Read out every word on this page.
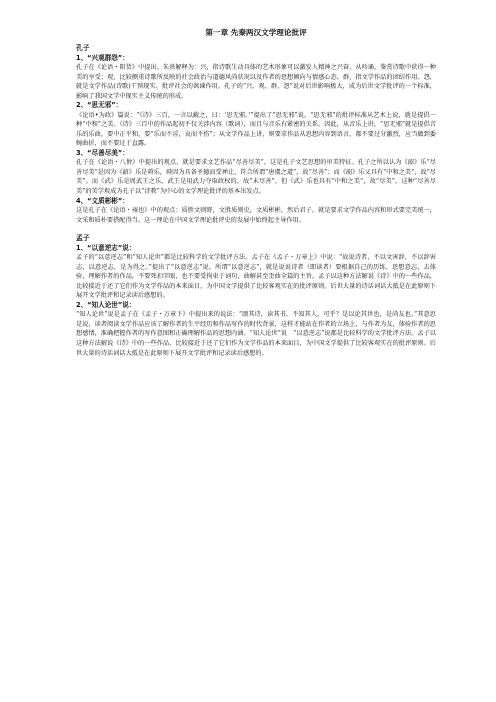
第一章 先秦两汉文学理论批评
孔子
1、“兴观群怨”：

孔子在《论语・阳货》中提出。朱熹解释为：兴，指诗歌生动具体的艺术形象可以激发人精神之兴奋，从吟诵、鉴赏诗歌中获得一种美的享受；观，比较侧重诗歌所反映的社会政治与道德风尚状况以及作者的思想倾向与情感心态。群，指文学作品的团结作用。怨，就是文学作品(诗歌)干预现实、批评社会的讽谏作用。孔子的“兴、观、群、怨”说对后世影响极大，成为后世文学批评的一个标准，影响了我国文学中现实主义传统的形成。

2、“思无邪”：

《论语•为政》篇说：“《诗》三百，一言以蔽之，曰：‘思无邪。’”提出了“思无邪”说。“思无邪”的批评标准从艺术上说，就是提倡一种“中和”之美。《诗》三百中的作品起初不仅关涉内容（歌词），而且与音乐有紧密的关系。因此，从音乐上讲，“思无邪”就是提倡音乐的乐曲，要中正平和，要“乐而不淫，哀而不伤”；从文学作品上讲，则要求作品从思想内容到语言，都不要过分激烈，应当做到委婉曲折，而不要过于直露。

3、“尽善尽美”：

孔子在《论语・八佾》中提出的观点，就是要求文艺作品“尽善尽美”，这是孔子文艺思想的审美特征。孔子之所以认为《韶》乐“尽善尽美”是因为《韶》乐是舜乐，舜因为具备圣德而受禅让，符合所谓“唐虞之道”，故“尽善”；而《韶》乐又具有“中和之美”，故“尽美”。而《武》乐是周武王之乐，武王是用武力夺取政权的，故“未尽善”，但《武》乐也具有“中和之美”，故“尽美”。这种“尽善尽美”的美学观成为孔子以“诗教”为中心的文学理论批评的基本出发点。

4、“文质彬彬”：

这是孔子在《论语・雍也》中的观点：质胜文则野，文胜质则史，文质彬彬，然后君子。就是要求文学作品内容和形式要完美统一，文采和质朴要搭配得当。这一理论在中国文学理论批评史的发展中始终起主导作用。

孟子
1、“以意逆志”说：

孟子的“以意逆志”和“知人论世”都是比较科学的文学批评方法。孟子在《孟子・万章上》中说：“故说诗者，不以文害辞，不以辞害志，以意逆志，是为得之。”提出了“以意逆志”说。所谓“以意逆志”，就是说说诗者（即读者）要根据自己的历练、思想意志，去体验、理解作者的作品，不要死扣字眼，也不要受拘束于词句，曲解甚至歪曲全篇的主旨。孟子以这种方法解说《诗》中的一些作品，比较接近于还了它们作为文学作品的本来面目，为中国文学提供了比较客观实在的批评原则。后世大量的诗话词话大抵是在此原则下展开文学批评和记录读后感想的。

2、“知人论世”说：

“知人论世”说是孟子在《孟子・万章下》中提出来的说法：“颂其诗，读其书，不知其人，可乎？是以论其世也，是尚友也。”其意思是说，读者阅读文学作品应该了解作者的生平经历和作品写作的时代背景，这样才能站在作者的立场上，与作者为友，体验作者的思想感情，准确把握作者的写作意图和正确理解作品的思想内涵。“知人论世”说　“以意逆志”说都是比较科学的文学批评方法。孟子以这种方法解说《诗》中的一些作品，比较接近于还了它们作为文学作品的本来面目，为中国文学提供了比较客观实在的批评原则。后世大量的诗话词话大抵是在此原则下展开文学批评和记录读后感想的。
